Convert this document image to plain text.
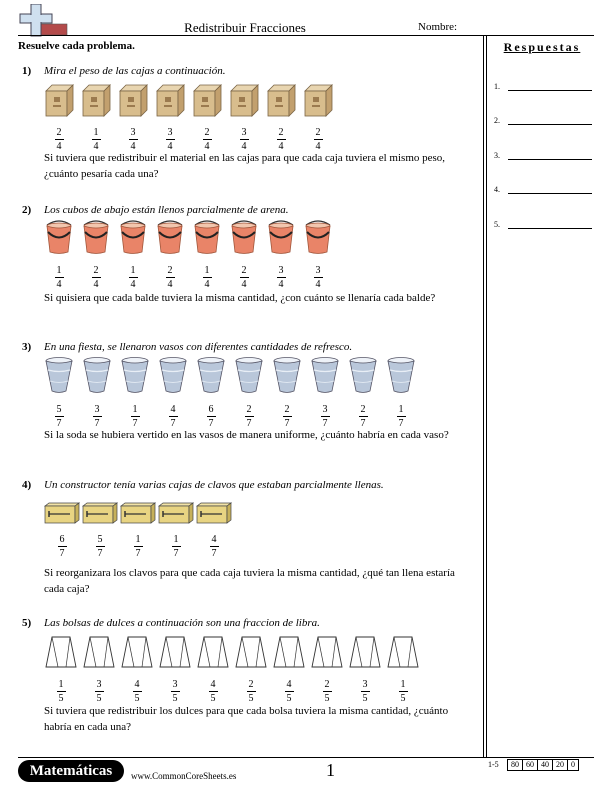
Redistribuir Fracciones	Nombre:
Resuelve cada problema.	Respuestas
1.
2.
3.
4.
5.
1) Mira el peso de las cajas a continuación.
$\frac{2}{4}$	$\frac{1}{4}$	$\frac{3}{4}$	$\frac{3}{4}$	$\frac{2}{4}$	$\frac{3}{4}$	$\frac{2}{4}$	$\frac{2}{4}$
Si tuviera que redistribuir el material en las cajas para que cada caja tuviera el mismo peso, ¿cuánto pesaría cada una?
2) Los cubos de abajo están llenos parcialmente de arena.
$\frac{1}{4}$	$\frac{2}{4}$	$\frac{1}{4}$	$\frac{2}{4}$	$\frac{1}{4}$	$\frac{2}{4}$	$\frac{3}{4}$	$\frac{3}{4}$
Si quisiera que cada balde tuviera la misma cantidad, ¿con cuánto se llenaría cada balde?
3) En una fiesta, se llenaron vasos con diferentes cantidades de refresco.
$\frac{5}{7}$	$\frac{3}{7}$	$\frac{1}{7}$	$\frac{4}{7}$	$\frac{6}{7}$	$\frac{2}{7}$	$\frac{2}{7}$	$\frac{3}{7}$	$\frac{2}{7}$	$\frac{1}{7}$
Si la soda se hubiera vertido en las vasos de manera uniforme, ¿cuánto habría en cada vaso?
4) Un constructor tenía varias cajas de clavos que estaban parcialmente llenas.
$\frac{6}{7}$	$\frac{5}{7}$	$\frac{1}{7}$	$\frac{1}{7}$	$\frac{4}{7}$
Si reorganizara los clavos para que cada caja tuviera la misma cantidad, ¿qué tan llena estaría cada caja?
5) Las bolsas de dulces a continuación son una fraccion de libra.
$\frac{1}{5}$	$\frac{3}{5}$	$\frac{4}{5}$	$\frac{3}{5}$	$\frac{4}{5}$	$\frac{2}{5}$	$\frac{4}{5}$	$\frac{2}{5}$	$\frac{3}{5}$	$\frac{1}{5}$
Si tuviera que redistribuir los dulces para que cada bolsa tuviera la misma cantidad, ¿cuánto habría en cada una?
Matemáticas	www.CommonCoreSheets.es	1	1-5	80 60 40 20 0
